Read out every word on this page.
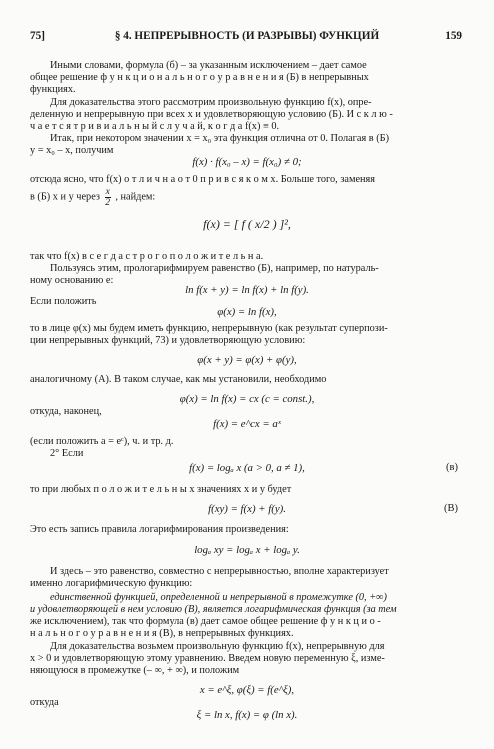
75]	§ 4. НЕПРЕРЫВНОСТЬ (И РАЗРЫВЫ) ФУНКЦИЙ	159
Иными словами, формула (б) – за указанным исключением – дает самое
общее решение ф у н к ц и о н а л ь н о г о у р а в н е н и я (Б) в непрерывных
функциях.
Для доказательства этого рассмотрим произвольную функцию f(x), опре-
деленную и непрерывную при всех x и удовлетворяющую условию (Б). И с к л ю -
ч а е т с я т р и в и а л ь н ы й с л у ч а й, к о г д а f(x) ≡ 0.
Итак, при некотором значении x = x₀ эта функция отлична от 0. Полагая в (Б)
y = x₀ – x, получим
f(x) · f(x₀ – x) = f(x₀) ≠ 0;
отсюда ясно, что f(x) о т л и ч н а о т 0 п р и в с я к о м x. Больше того, заменяя
в (Б) x и y через $\frac{x}{2}$ , найдем:
f(x) = [ f ( x/2 ) ]²,
так что f(x) в с е г д а с т р о г о п о л о ж и т е л ь н а.
Пользуясь этим, прологарифмируем равенство (Б), например, по натураль-
ному основанию e:
ln f(x + y) = ln f(x) + ln f(y).
Если положить
φ(x) = ln f(x),
то в лице φ(x) мы будем иметь функцию, непрерывную (как результат суперпози-
ции непрерывных функций, 73) и удовлетворяющую условию:
φ(x + y) = φ(x) + φ(y),
аналогичному (А). В таком случае, как мы установили, необходимо
φ(x) = ln f(x) = cx (c = const.),
откуда, наконец,
f(x) = e^cx = aˣ
(если положить a = eᶜ), ч. и тр. д.
2° Если
f(x) = logₐ x (a > 0, a ≠ 1),	(в)
то при любых п о л о ж и т е л ь н ы х значениях x и y будет
f(xy) = f(x) + f(y).	(В)
Это есть запись правила логарифмирования произведения:
logₐ xy = logₐ x + logₐ y.
И здесь – это равенство, совместно с непрерывностью, вполне характеризует
именно логарифмическую функцию:
единственной функцией, определенной и непрерывной в промежутке (0, +∞)
и удовлетворяющей в нем условию (В), является логарифмическая функция (за тем
же исключением), так что формула (в) дает самое общее решение ф у н к ц и о -
н а л ь н о г о у р а в н е н и я (В), в непрерывных функциях.
Для доказательства возьмем произвольную функцию f(x), непрерывную для
x > 0 и удовлетворяющую этому уравнению. Введем новую переменную ξ, изме-
няющуюся в промежутке (– ∞, + ∞), и положим
x = e^ξ, φ(ξ) = f(e^ξ),
откуда
ξ = ln x, f(x) = φ (ln x).
